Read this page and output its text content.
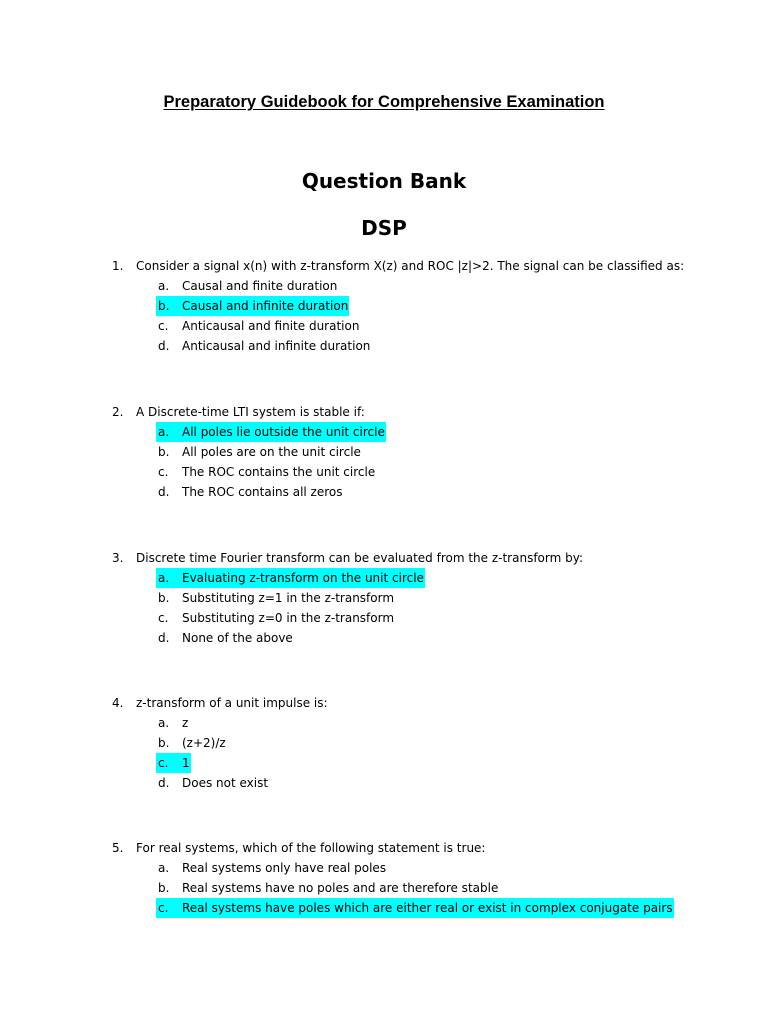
Preparatory Guidebook for Comprehensive Examination
Question Bank
DSP
1. Consider a signal x(n) with z-transform X(z) and ROC |z|>2. The signal can be classified as:
a. Causal and finite duration
b. Causal and infinite duration
c. Anticausal and finite duration
d. Anticausal and infinite duration
2. A Discrete-time LTI system is stable if:
a. All poles lie outside the unit circle
b. All poles are on the unit circle
c. The ROC contains the unit circle
d. The ROC contains all zeros
3. Discrete time Fourier transform can be evaluated from the z-transform by:
a. Evaluating z-transform on the unit circle
b. Substituting z=1 in the z-transform
c. Substituting z=0 in the z-transform
d. None of the above
4. z-transform of a unit impulse is:
a. z
b. (z+2)/z
c. 1
d. Does not exist
5. For real systems, which of the following statement is true:
a. Real systems only have real poles
b. Real systems have no poles and are therefore stable
c. Real systems have poles which are either real or exist in complex conjugate pairs
